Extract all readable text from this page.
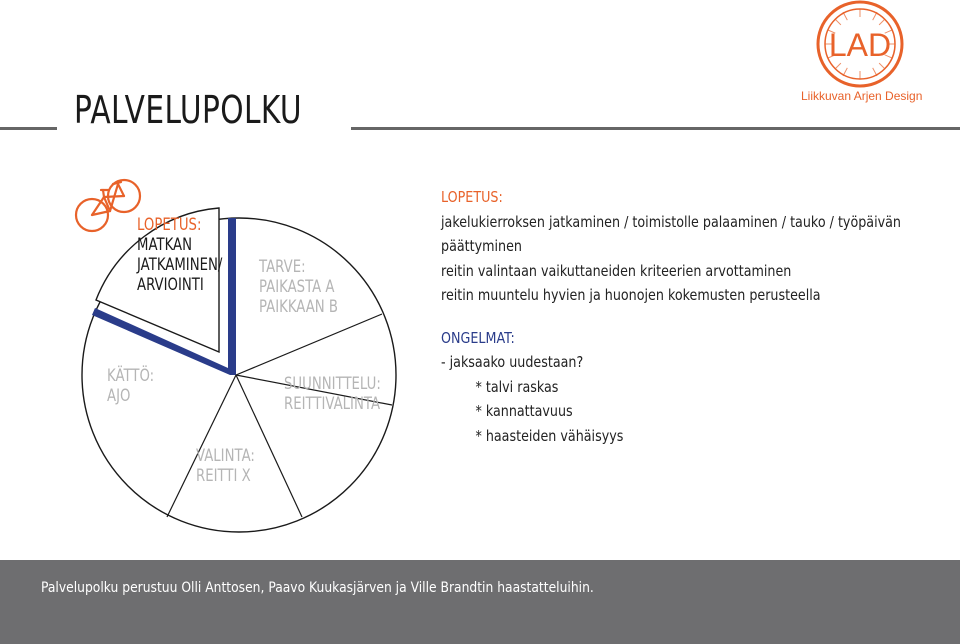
PALVELUPOLKU
LAD
Liikkuvan Arjen Design
LOPETUS:
MATKAN
JATKAMINEN/
ARVIOINTI
TARVE:
PAIKASTA A
PAIKKAAN B
SUUNNITTELU:
REITTIVALINTA
VALINTA:
REITTI X
KÄTTÖ:
AJO
LOPETUS:
jakelukierroksen jatkaminen / toimistolle palaaminen / tauko / työpäivän
päättyminen
reitin valintaan vaikuttaneiden kriteerien arvottaminen
reitin muuntelu hyvien ja huonojen kokemusten perusteella
ONGELMAT:
- jaksaako uudestaan?
* talvi raskas
* kannattavuus
* haasteiden vähäisyys
Palvelupolku perustuu Olli Anttosen, Paavo Kuukasjärven ja Ville Brandtin haastatteluihin.
